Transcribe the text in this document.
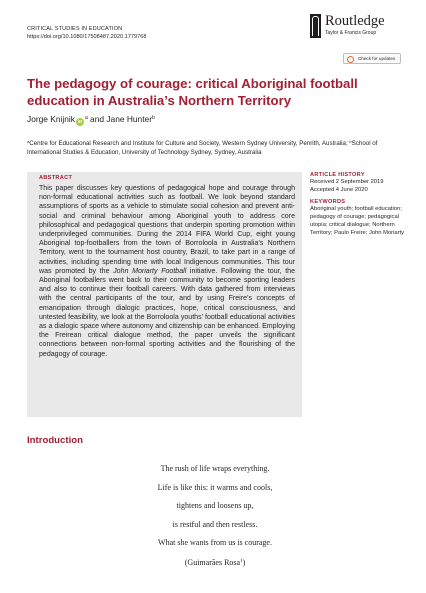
CRITICAL STUDIES IN EDUCATION
https://doi.org/10.1080/17508487.2020.1779768
Routledge
Taylor & Francis Group
Check for updates
The pedagogy of courage: critical Aboriginal football education in Australia’s Northern Territory
Jorge Knijnik $iD^a$ and Jane Hunter$^b$
$^a$Centre for Educational Research and Institute for Culture and Society, Western Sydney University, Penrith, Australia; $^b$School of International Studies & Education, University of Technology Sydney, Sydney, Australia
ABSTRACT
This paper discusses key questions of pedagogical hope and courage through non-formal educational activities such as football. We look beyond standard assumptions of sports as a vehicle to stimulate social cohesion and prevent anti-social and criminal behaviour among Aboriginal youth to address core philosophical and pedagogical questions that underpin sporting promotion within underprivileged communities. During the 2014 FIFA World Cup, eight young Aboriginal top-footballers from the town of Borroloola in Australia’s Northern Territory, went to the tournament host country, Brazil, to take part in a range of activities, including spending time with local Indigenous communities. This tour was promoted by the John Moriarty Football initiative. Following the tour, the Aboriginal footballers went back to their community to become sporting leaders and also to continue their football careers. With data gathered from interviews with the central participants of the tour, and by using Freire’s concepts of emancipation through dialogic practices, hope, critical consciousness, and untested feasibility, we look at the Borroloola youths’ football educational activities as a dialogic space where autonomy and citizenship can be enhanced. Employing the Freirean critical dialogue method, the paper unveils the significant connections between non-formal sporting activities and the flourishing of the pedagogy of courage.
ARTICLE HISTORY
Received 2 September 2019
Accepted 4 June 2020
KEYWORDS
Aboriginal youth; football education; pedagogy of courage; pedagogical utopia; critical dialogue; Northern Territory; Paulo Freire; John Moriarty
Introduction
The rush of life wraps everything.
Life is like this: it warms and cools,
tightens and loosens up,
is restful and then restless.
What she wants from us is courage.
(Guimarães Rosa$^1$)
